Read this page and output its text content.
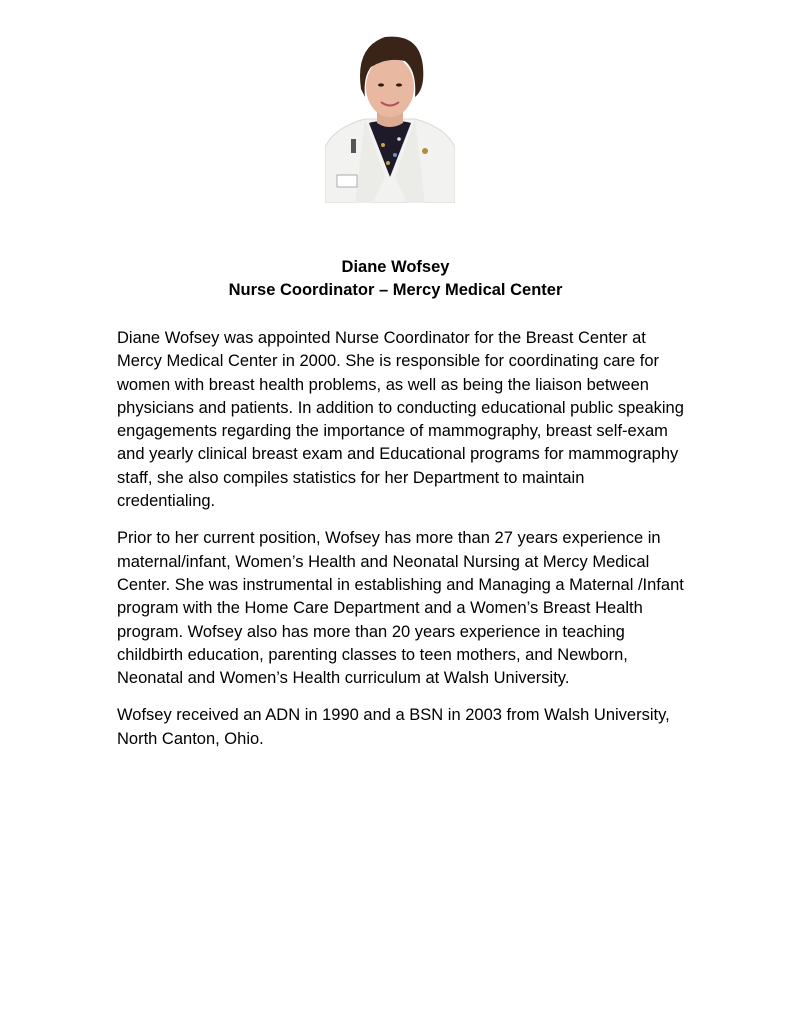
Diane Wofsey
Nurse Coordinator – Mercy Medical Center

Diane Wofsey was appointed Nurse Coordinator for the Breast Center at Mercy Medical Center in 2000. She is responsible for coordinating care for women with breast health problems, as well as being the liaison between physicians and patients. In addition to conducting educational public speaking engagements regarding the importance of mammography, breast self-exam and yearly clinical breast exam and Educational programs for mammography staff, she also compiles statistics for her Department to maintain credentialing.

Prior to her current position, Wofsey has more than 27 years experience in maternal/infant, Women’s Health and Neonatal Nursing at Mercy Medical Center. She was instrumental in establishing and Managing a Maternal /Infant program with the Home Care Department and a Women’s Breast Health program. Wofsey also has more than 20 years experience in teaching childbirth education, parenting classes to teen mothers, and Newborn, Neonatal and Women’s Health curriculum at Walsh University.

Wofsey received an ADN in 1990 and a BSN in 2003 from Walsh University, North Canton, Ohio.
